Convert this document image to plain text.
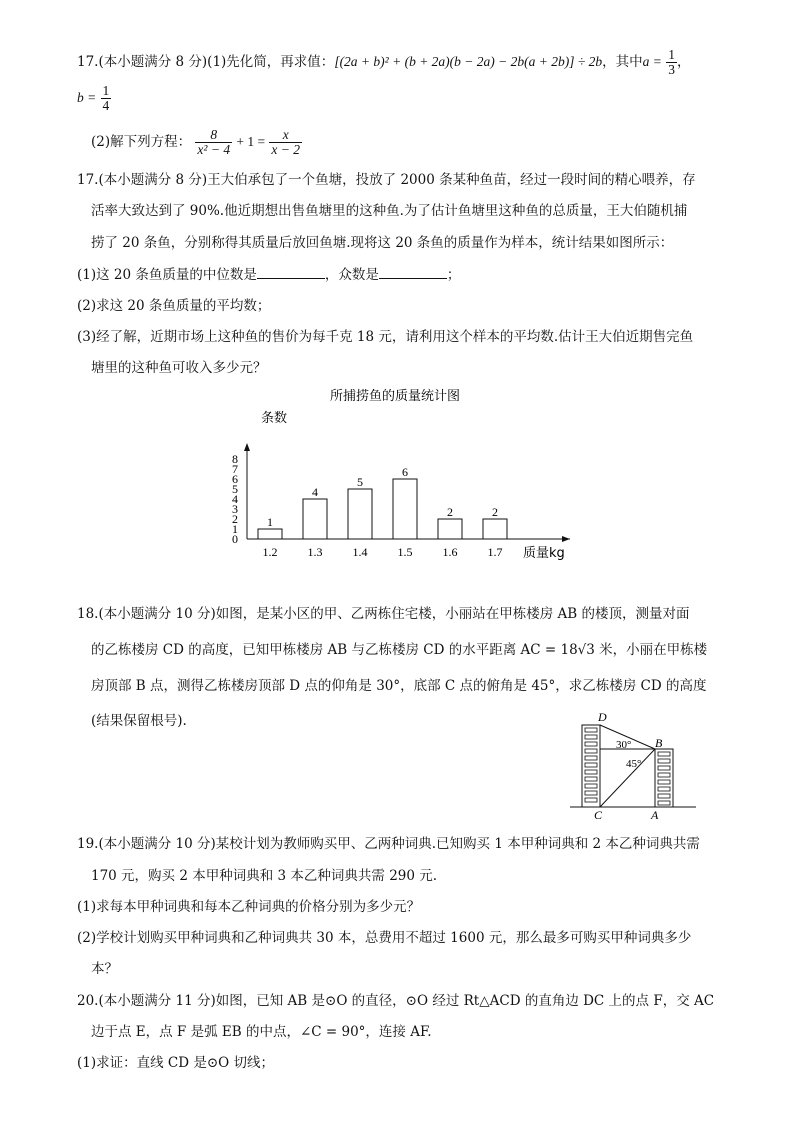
17.(本小题满分 8 分)(1)先化简，再求值：[(2a + b)² + (b + 2a)(b − 2a) − 2b(a + 2b)] ÷ 2b，其中$a = \frac{1}{3}$ ，
$b = \frac{1}{4}$
(2)解下列方程： $\frac{8}{\text{x² − 4}} + 1 = \frac{x}{x - 2}$
17.(本小题满分 8 分)王大伯承包了一个鱼塘，投放了 2000 条某种鱼苗，经过一段时间的精心喂养，存
活率大致达到了 90%.他近期想出售鱼塘里的这种鱼.为了估计鱼塘里这种鱼的总质量，王大伯随机捕
捞了 20 条鱼，分别称得其质量后放回鱼塘.现将这 20 条鱼的质量作为样本，统计结果如图所示：
(1)这 20 条鱼质量的中位数是	，众数是	；
(2)求这 20 条鱼质量的平均数；
(3)经了解，近期市场上这种鱼的售价为每千克 18 元，请利用这个样本的平均数.估计王大伯近期售完鱼
塘里的这种鱼可收入多少元？
所捕捞鱼的质量统计图
条数
0
1
2
3
4
5
6
7
8
1
4
5
6
2	2
1.2	1.3	1.4	1.5	1.6	1.7 质量kg
18.(本小题满分 10 分)如图，是某小区的甲、乙两栋住宅楼，小丽站在甲栋楼房 AB 的楼顶，测量对面
的乙栋楼房 CD 的高度，已知甲栋楼房 AB 与乙栋楼房 CD 的水平距离 AC = 18√3 米，小丽在甲栋楼
房顶部 B 点，测得乙栋楼房顶部 D 点的仰角是 30°，底部 C 点的俯角是 45°，求乙栋楼房 CD 的高度
(结果保留根号).	D
B
C	A
30°
45°
19.(本小题满分 10 分)某校计划为教师购买甲、乙两种词典.已知购买 1 本甲种词典和 2 本乙种词典共需
170 元，购买 2 本甲种词典和 3 本乙种词典共需 290 元.
(1)求每本甲种词典和每本乙种词典的价格分别为多少元？
(2)学校计划购买甲种词典和乙种词典共 30 本，总费用不超过 1600 元，那么最多可购买甲种词典多少
本？
20.(本小题满分 11 分)如图，已知 AB 是⊙O 的直径，⊙O 经过 Rt△ACD 的直角边 DC 上的点 F，交 AC
边于点 E，点 F 是弧 EB 的中点，∠C = 90°，连接 AF.
(1)求证：直线 CD 是⊙O 切线；
